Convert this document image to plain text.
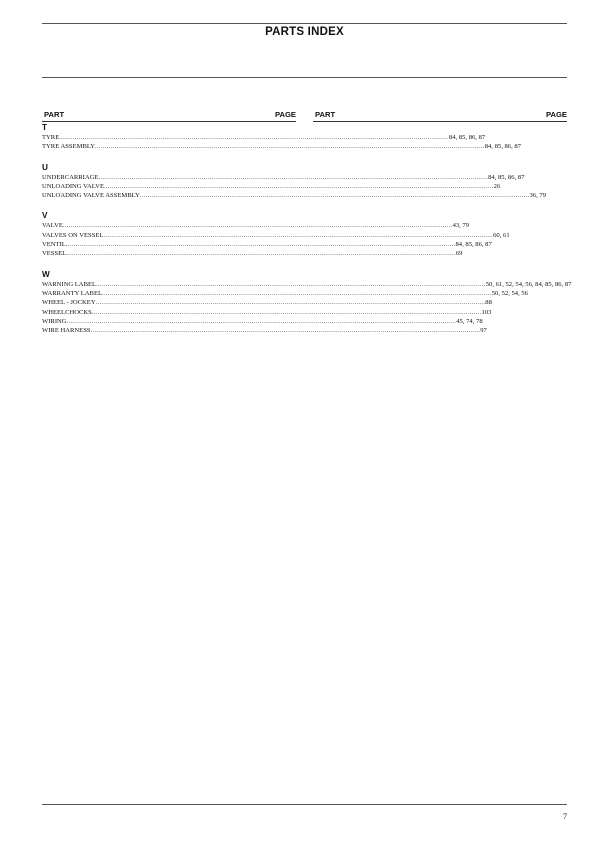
PARTS INDEX
PART	PAGE	PART	PAGE
T
TYRE ........................................................................................................................................................................................................ 84, 85, 86, 87
TYRE ASSEMBLY ........................................................................................................................................................................................................ 84, 85, 86, 87
U
UNDERCARRIAGE ........................................................................................................................................................................................................ 84, 85, 86, 87
UNLOADING VALVE ........................................................................................................................................................................................................ 26
UNLOADING VALVE ASSEMBLY ........................................................................................................................................................................................................ 36, 79
V
VALVE ........................................................................................................................................................................................................ 43, 79
VALVES ON VESSEL ........................................................................................................................................................................................................ 60, 61
VENTIL ........................................................................................................................................................................................................ 84, 85, 86, 87
VESSEL ........................................................................................................................................................................................................ 69
W
WARNING LABEL ........................................................................................................................................................................................................ 50, 61, 52, 54, 56, 84, 85, 86, 87
WARRANTY LABEL ........................................................................................................................................................................................................ 50, 52, 54, 56
WHEEL - JOCKEY ........................................................................................................................................................................................................ 88
WHEELCHOCKS ........................................................................................................................................................................................................ 103
WIRING ........................................................................................................................................................................................................ 45, 74, 78
WIRE HARNESS ........................................................................................................................................................................................................ 97
7
